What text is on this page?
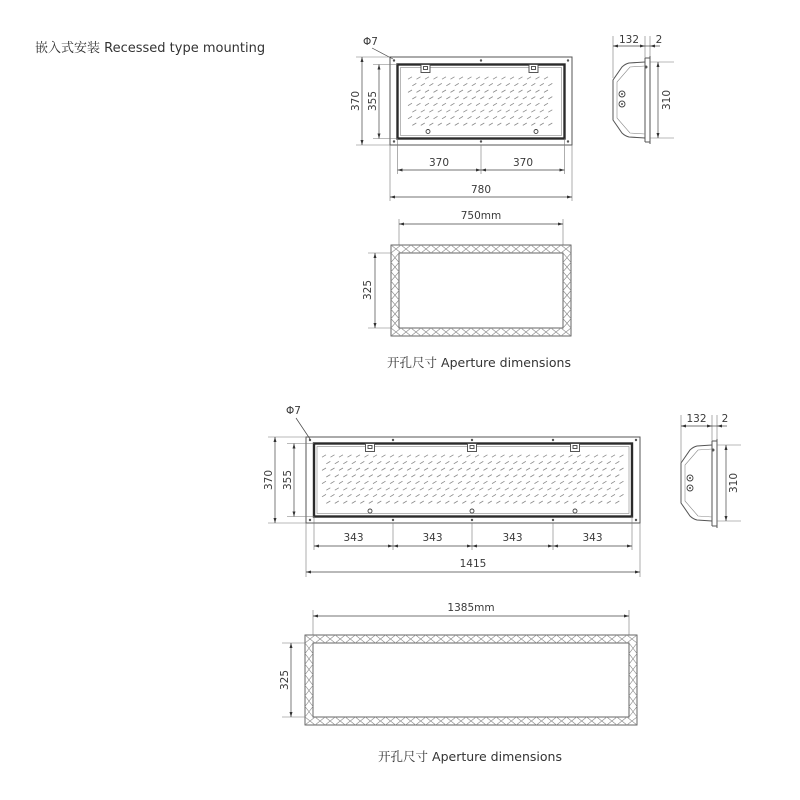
嵌入式安装 Recessed type mounting	Φ7
370 355
370	370
780
132 2
310
750mm
325
开孔尺寸 Aperture dimensions
Φ7
370 355
343	343	343	343
1415
132 2
310
1385mm
325
开孔尺寸 Aperture dimensions
